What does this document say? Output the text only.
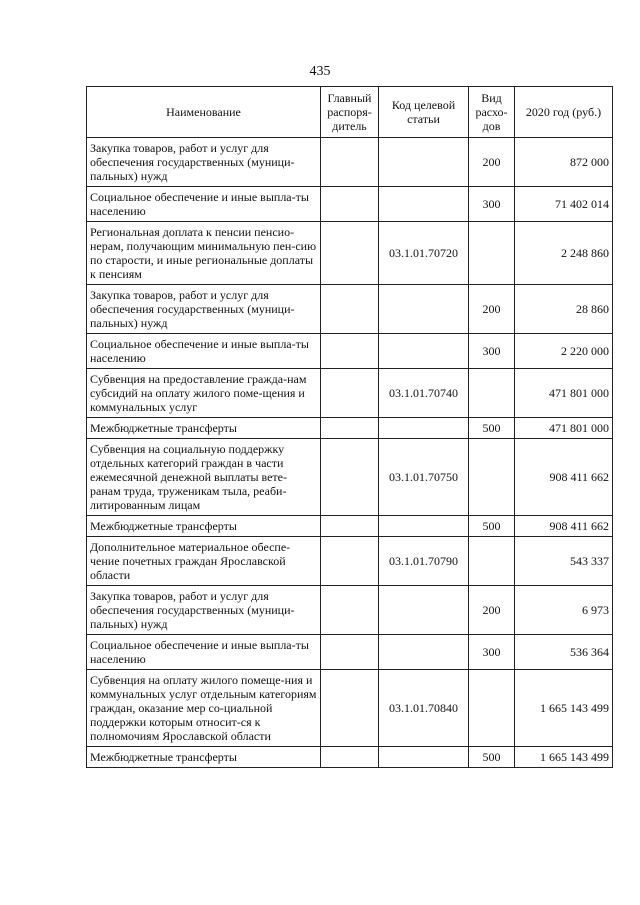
435
Наименование	Главный распоря-дитель	Код целевой статьи	Вид расхо-дов	2020 год (руб.)
Закупка товаров, работ и услуг для обеспечения государственных (муници-пальных) нужд			200	872 000
Социальное обеспечение и иные выпла-ты населению			300	71 402 014
Региональная доплата к пенсии пенсио-нерам, получающим минимальную пен-сию по старости, и иные региональные доплаты к пенсиям		03.1.01.70720		2 248 860
Закупка товаров, работ и услуг для обеспечения государственных (муници-пальных) нужд			200	28 860
Социальное обеспечение и иные выпла-ты населению			300	2 220 000
Субвенция на предоставление гражда-нам субсидий на оплату жилого поме-щения и коммунальных услуг		03.1.01.70740		471 801 000
Межбюджетные трансферты			500	471 801 000
Субвенция на социальную поддержку отдельных категорий граждан в части ежемесячной денежной выплаты вете-ранам труда, труженикам тыла, реаби-литированным лицам		03.1.01.70750		908 411 662
Межбюджетные трансферты			500	908 411 662
Дополнительное материальное обеспе-чение почетных граждан Ярославской области		03.1.01.70790		543 337
Закупка товаров, работ и услуг для обеспечения государственных (муници-пальных) нужд			200	6 973
Социальное обеспечение и иные выпла-ты населению			300	536 364
Субвенция на оплату жилого помеще-ния и коммунальных услуг отдельным категориям граждан, оказание мер со-циальной поддержки которым относит-ся к полномочиям Ярославской области		03.1.01.70840		1 665 143 499
Межбюджетные трансферты			500	1 665 143 499
